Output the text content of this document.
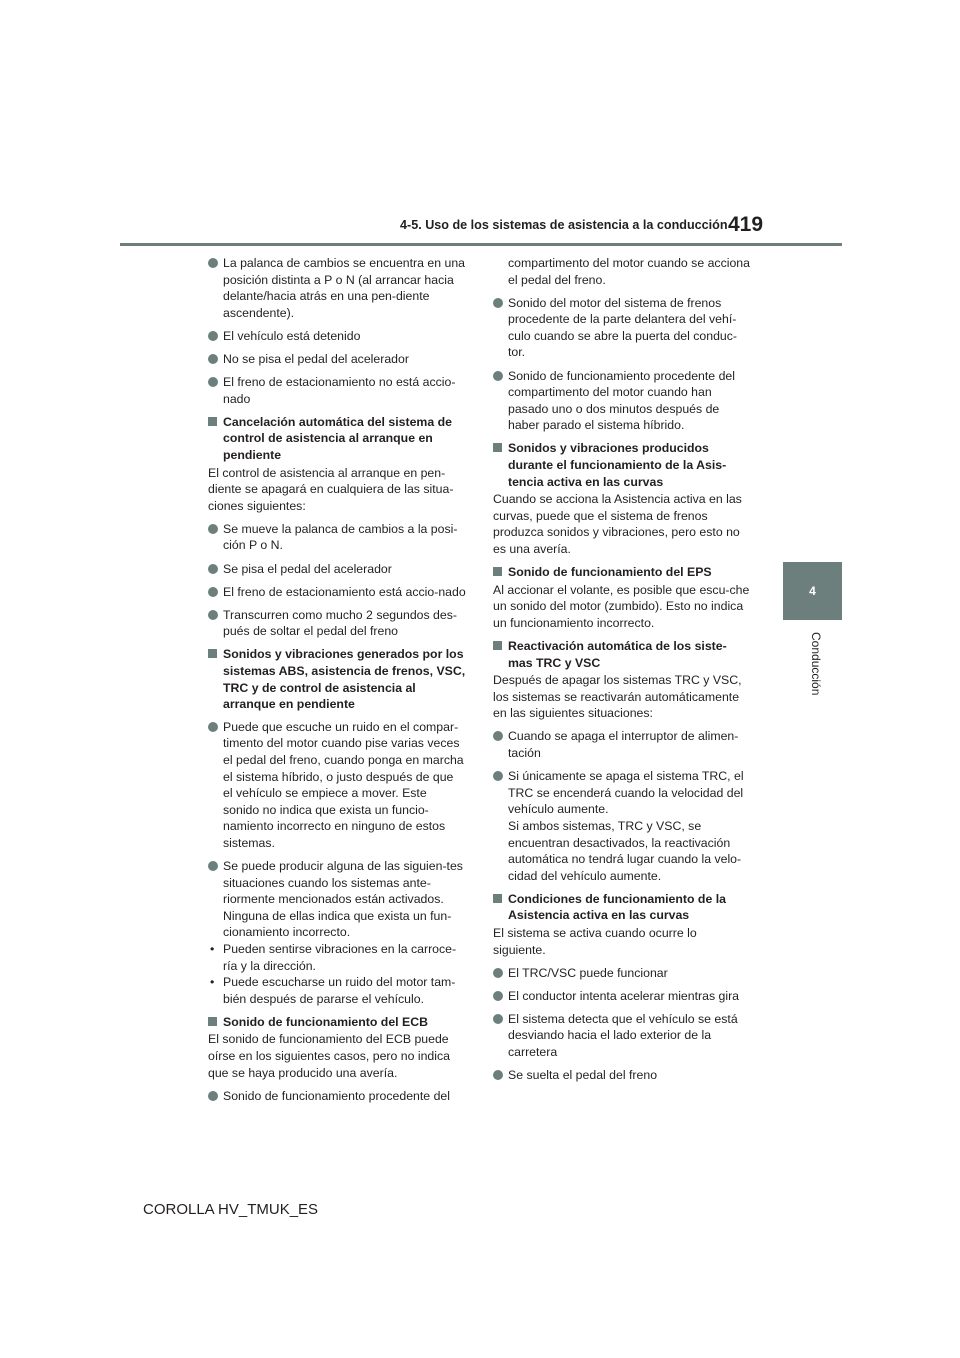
4-5. Uso de los sistemas de asistencia a la conducción 419
4
Conducción
La palanca de cambios se encuentra en una posición distinta a P o N (al arrancar hacia delante/hacia atrás en una pen-diente ascendente).
El vehículo está detenido
No se pisa el pedal del acelerador
El freno de estacionamiento no está accio-nado
Cancelación automática del sistema de control de asistencia al arranque en pendiente
El control de asistencia al arranque en pen-diente se apagará en cualquiera de las situa-ciones siguientes:
Se mueve la palanca de cambios a la posi-ción P o N.
Se pisa el pedal del acelerador
El freno de estacionamiento está accio-nado
Transcurren como mucho 2 segundos des-pués de soltar el pedal del freno
Sonidos y vibraciones generados por los sistemas ABS, asistencia de frenos, VSC, TRC y de control de asistencia al arranque en pendiente
Puede que escuche un ruido en el compar-timento del motor cuando pise varias veces el pedal del freno, cuando ponga en marcha el sistema híbrido, o justo después de que el vehículo se empiece a mover. Este sonido no indica que exista un funcio-namiento incorrecto en ninguno de estos sistemas.
Se puede producir alguna de las siguien-tes situaciones cuando los sistemas ante-riormente mencionados están activados. Ninguna de ellas indica que exista un fun-cionamiento incorrecto.
• Pueden sentirse vibraciones en la carroce-ría y la dirección.
• Puede escucharse un ruido del motor tam-bién después de pararse el vehículo.
Sonido de funcionamiento del ECB
El sonido de funcionamiento del ECB puede oírse en los siguientes casos, pero no indica que se haya producido una avería.
Sonido de funcionamiento procedente del
compartimento del motor cuando se acciona el pedal del freno.
Sonido del motor del sistema de frenos procedente de la parte delantera del vehí-culo cuando se abre la puerta del conduc-tor.
Sonido de funcionamiento procedente del compartimento del motor cuando han pasado uno o dos minutos después de haber parado el sistema híbrido.
Sonidos y vibraciones producidos durante el funcionamiento de la Asis-tencia activa en las curvas
Cuando se acciona la Asistencia activa en las curvas, puede que el sistema de frenos produzca sonidos y vibraciones, pero esto no es una avería.
Sonido de funcionamiento del EPS
Al accionar el volante, es posible que escu-che un sonido del motor (zumbido). Esto no indica un funcionamiento incorrecto.
Reactivación automática de los siste-mas TRC y VSC
Después de apagar los sistemas TRC y VSC, los sistemas se reactivarán automáticamente en las siguientes situaciones:
Cuando se apaga el interruptor de alimen-tación
Si únicamente se apaga el sistema TRC, el TRC se encenderá cuando la velocidad del vehículo aumente.
Si ambos sistemas, TRC y VSC, se encuentran desactivados, la reactivación automática no tendrá lugar cuando la velo-cidad del vehículo aumente.
Condiciones de funcionamiento de la Asistencia activa en las curvas
El sistema se activa cuando ocurre lo siguiente.
El TRC/VSC puede funcionar
El conductor intenta acelerar mientras gira
El sistema detecta que el vehículo se está desviando hacia el lado exterior de la carretera
Se suelta el pedal del freno
COROLLA HV_TMUK_ES
